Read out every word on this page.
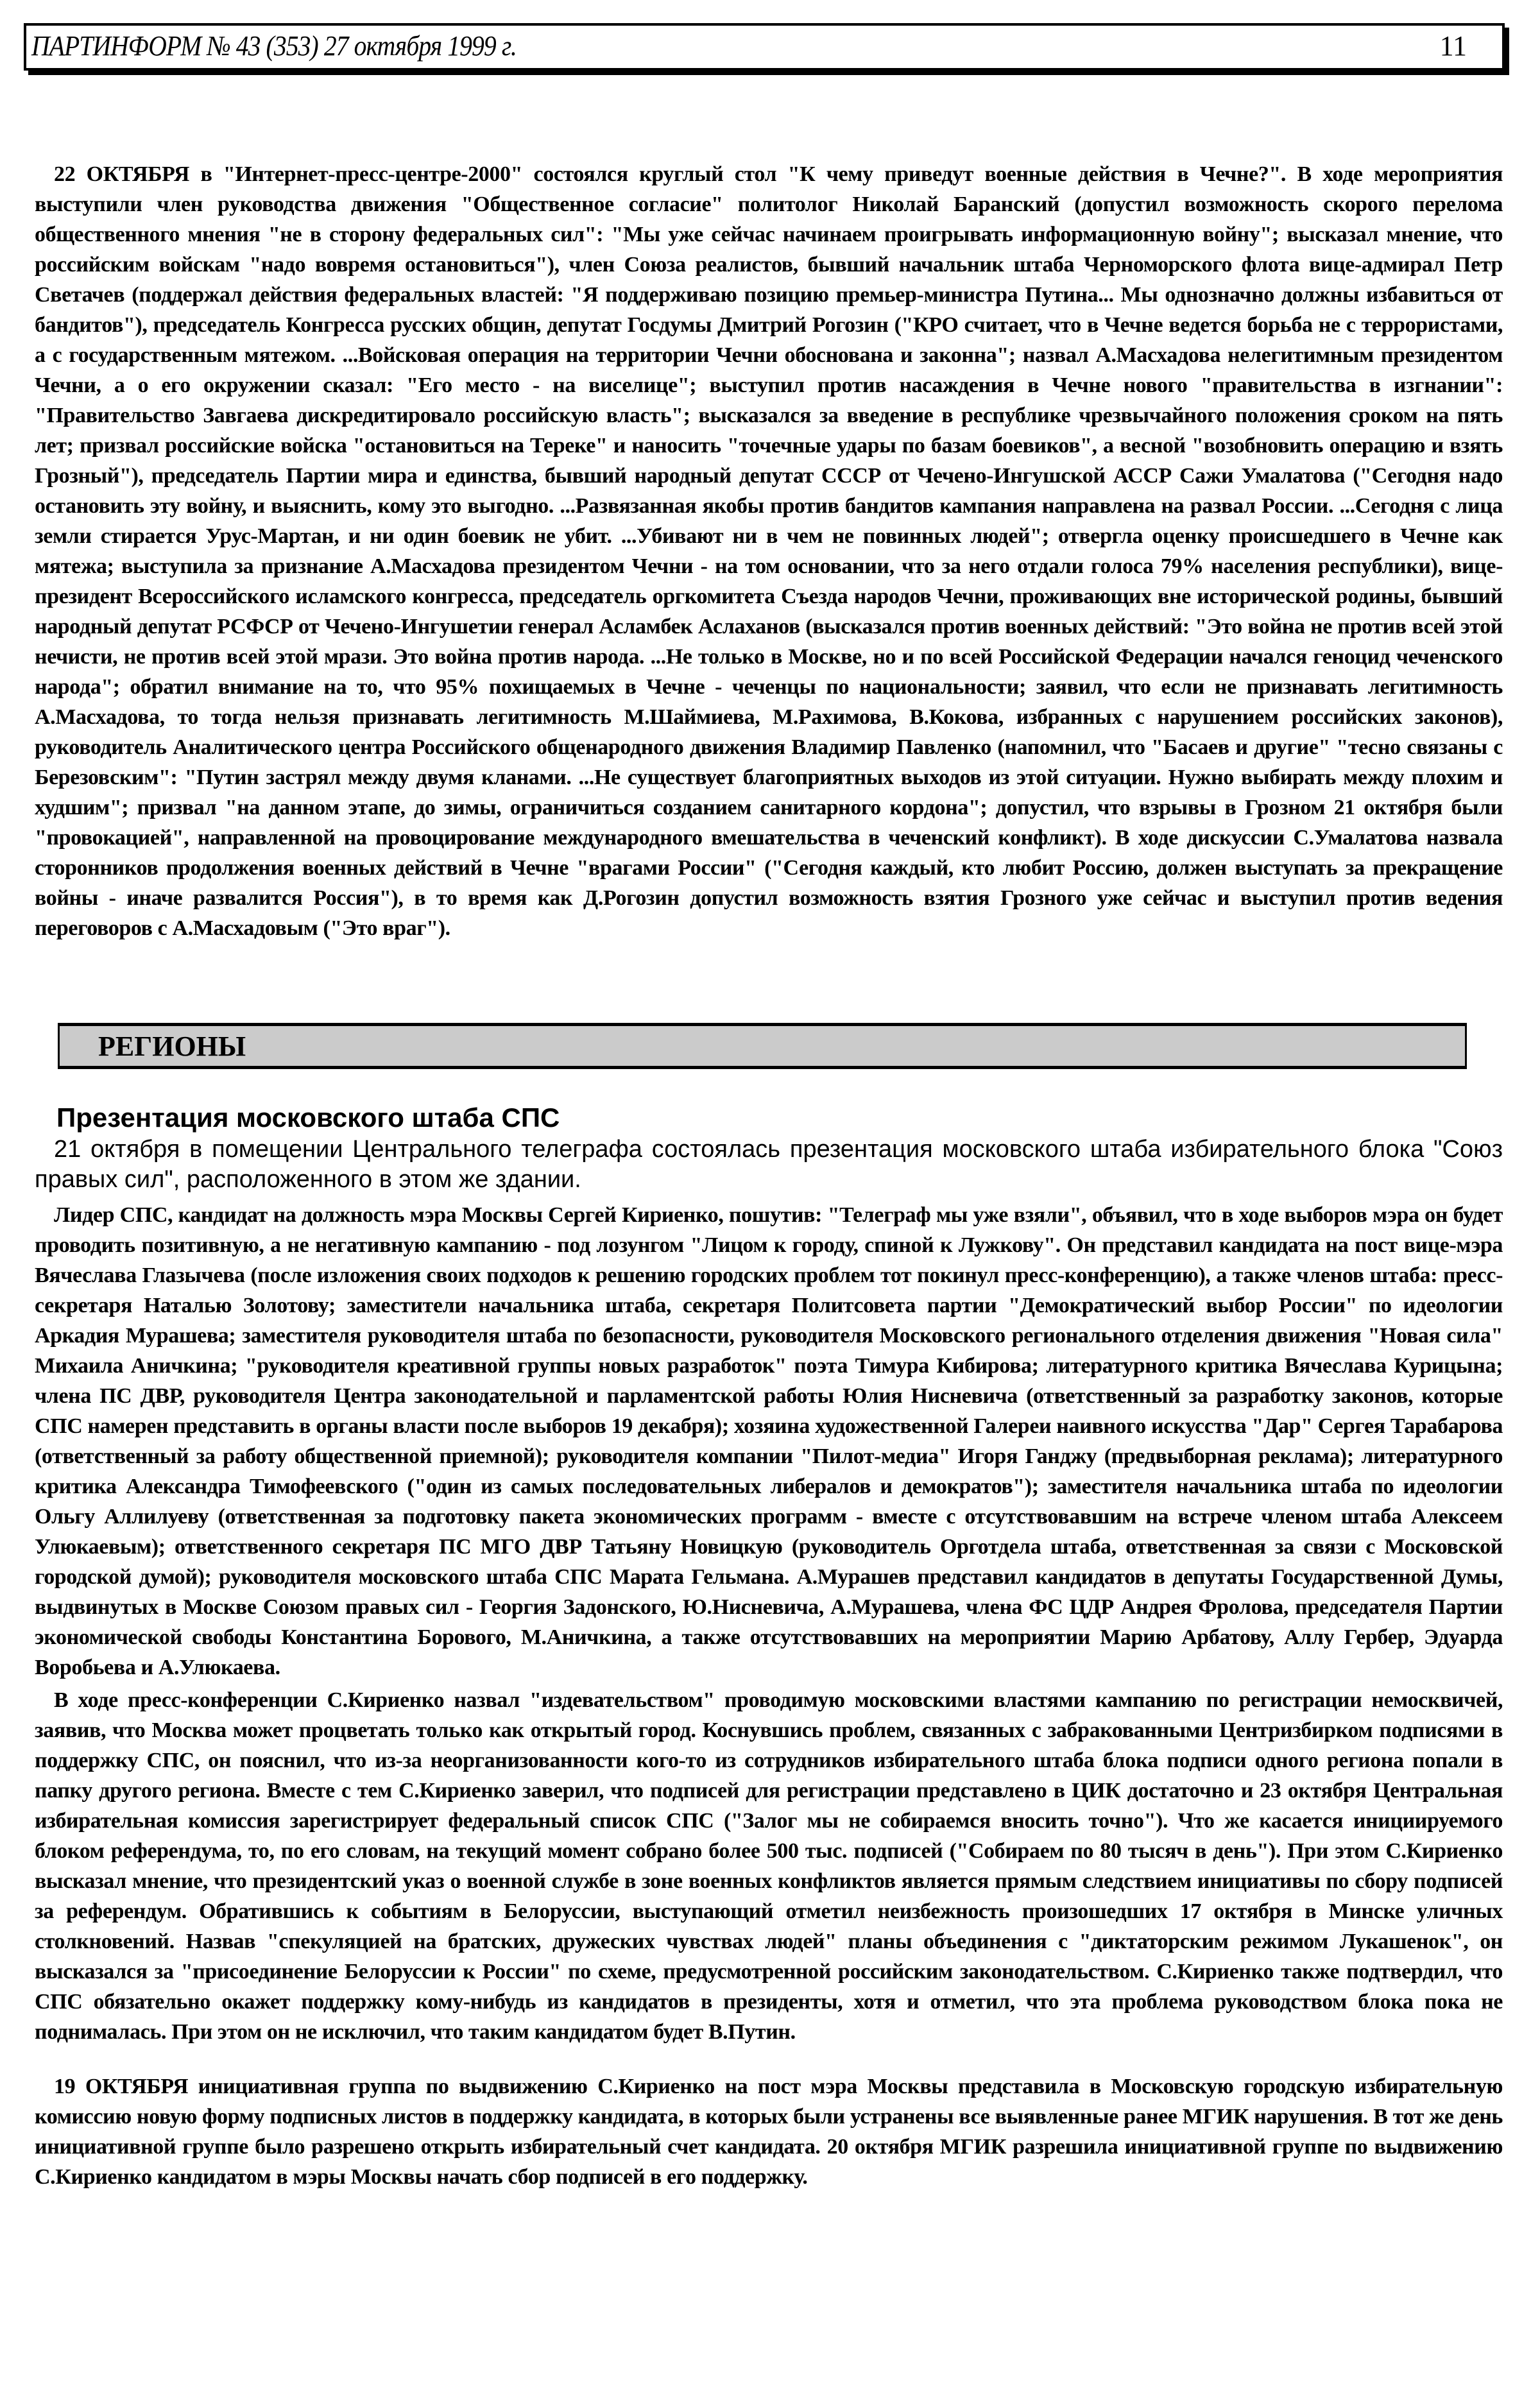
ПАРТИНФОРМ № 43 (353) 27 октября 1999 г.	11

22 ОКТЯБРЯ в "Интернет-пресс-центре-2000" состоялся круглый стол "К чему приведут военные действия в Чечне?". В ходе мероприятия выступили член руководства движения "Общественное согласие" политолог Николай Баранский (допустил возможность скорого перелома общественного мнения "не в сторону федеральных сил": "Мы уже сейчас начинаем проигрывать информационную войну"; высказал мнение, что российским войскам "надо вовремя остановиться"), член Союза реалистов, бывший начальник штаба Черноморского флота вице-адмирал Петр Светачев (поддержал действия федеральных властей: "Я поддерживаю позицию премьер-министра Путина... Мы однозначно должны избавиться от бандитов"), председатель Конгресса русских общин, депутат Госдумы Дмитрий Рогозин ("КРО считает, что в Чечне ведется борьба не с террористами, а с государственным мятежом. ...Войсковая операция на территории Чечни обоснована и законна"; назвал А.Масхадова нелегитимным президентом Чечни, а о его окружении сказал: "Его место - на виселице"; выступил против насаждения в Чечне нового "правительства в изгнании": "Правительство Завгаева дискредитировало российскую власть"; высказался за введение в республике чрезвычайного положения сроком на пять лет; призвал российские войска "остановиться на Тереке" и наносить "точечные удары по базам боевиков", а весной "возобновить операцию и взять Грозный"), председатель Партии мира и единства, бывший народный депутат СССР от Чечено-Ингушской АССР Сажи Умалатова ("Сегодня надо остановить эту войну, и выяснить, кому это выгодно. ...Развязанная якобы против бандитов кампания направлена на развал России. ...Сегодня с лица земли стирается Урус-Мартан, и ни один боевик не убит. ...Убивают ни в чем не повинных людей"; отвергла оценку происшедшего в Чечне как мятежа; выступила за признание А.Масхадова президентом Чечни - на том основании, что за него отдали голоса 79% населения республики), вице-президент Всероссийского исламского конгресса, председатель оргкомитета Съезда народов Чечни, проживающих вне исторической родины, бывший народный депутат РСФСР от Чечено-Ингушетии генерал Асламбек Аслаханов (высказался против военных действий: "Это война не против всей этой нечисти, не против всей этой мрази. Это война против народа. ...Не только в Москве, но и по всей Российской Федерации начался геноцид чеченского народа"; обратил внимание на то, что 95% похищаемых в Чечне - чеченцы по национальности; заявил, что если не признавать легитимность А.Масхадова, то тогда нельзя признавать легитимность М.Шаймиева, М.Рахимова, В.Кокова, избранных с нарушением российских законов), руководитель Аналитического центра Российского общенародного движения Владимир Павленко (напомнил, что "Басаев и другие" "тесно связаны с Березовским": "Путин застрял между двумя кланами. ...Не существует благоприятных выходов из этой ситуации. Нужно выбирать между плохим и худшим"; призвал "на данном этапе, до зимы, ограничиться созданием санитарного кордона"; допустил, что взрывы в Грозном 21 октября были "провокацией", направленной на провоцирование международного вмешательства в чеченский конфликт). В ходе дискуссии С.Умалатова назвала сторонников продолжения военных действий в Чечне "врагами России" ("Сегодня каждый, кто любит Россию, должен выступать за прекращение войны - иначе развалится Россия"), в то время как Д.Рогозин допустил возможность взятия Грозного уже сейчас и выступил против ведения переговоров с А.Масхадовым ("Это враг").

РЕГИОНЫ
Презентация московского штаба СПС
21 октября в помещении Центрального телеграфа состоялась презентация московского штаба избирательного блока "Союз правых сил", расположенного в этом же здании.

Лидер СПС, кандидат на должность мэра Москвы Сергей Кириенко, пошутив: "Телеграф мы уже взяли", объявил, что в ходе выборов мэра он будет проводить позитивную, а не негативную кампанию - под лозунгом "Лицом к городу, спиной к Лужкову". Он представил кандидата на пост вице-мэра Вячеслава Глазычева (после изложения своих подходов к решению городских проблем тот покинул пресс-конференцию), а также членов штаба: пресс-секретаря Наталью Золотову; заместители начальника штаба, секретаря Политсовета партии "Демократический выбор России" по идеологии Аркадия Мурашева; заместителя руководителя штаба по безопасности, руководителя Московского регионального отделения движения "Новая сила" Михаила Аничкина; "руководителя креативной группы новых разработок" поэта Тимура Кибирова; литературного критика Вячеслава Курицына; члена ПС ДВР, руководителя Центра законодательной и парламентской работы Юлия Нисневича (ответственный за разработку законов, которые СПС намерен представить в органы власти после выборов 19 декабря); хозяина художественной Галереи наивного искусства "Дар" Сергея Тарабарова (ответственный за работу общественной приемной); руководителя компании "Пилот-медиа" Игоря Ганджу (предвыборная реклама); литературного критика Александра Тимофеевского ("один из самых последовательных либералов и демократов"); заместителя начальника штаба по идеологии Ольгу Аллилуеву (ответственная за подготовку пакета экономических программ - вместе с отсутствовавшим на встрече членом штаба Алексеем Улюкаевым); ответственного секретаря ПС МГО ДВР Татьяну Новицкую (руководитель Орготдела штаба, ответственная за связи с Московской городской думой); руководителя московского штаба СПС Марата Гельмана. А.Мурашев представил кандидатов в депутаты Государственной Думы, выдвинутых в Москве Союзом правых сил - Георгия Задонского, Ю.Нисневича, А.Мурашева, члена ФС ЦДР Андрея Фролова, председателя Партии экономической свободы Константина Борового, М.Аничкина, а также отсутствовавших на мероприятии Марию Арбатову, Аллу Гербер, Эдуарда Воробьева и А.Улюкаева.

В ходе пресс-конференции С.Кириенко назвал "издевательством" проводимую московскими властями кампанию по регистрации немосквичей, заявив, что Москва может процветать только как открытый город. Коснувшись проблем, связанных с забракованными Центризбирком подписями в поддержку СПС, он пояснил, что из-за неорганизованности кого-то из сотрудников избирательного штаба блока подписи одного региона попали в папку другого региона. Вместе с тем С.Кириенко заверил, что подписей для регистрации представлено в ЦИК достаточно и 23 октября Центральная избирательная комиссия зарегистрирует федеральный список СПС ("Залог мы не собираемся вносить точно"). Что же касается инициируемого блоком референдума, то, по его словам, на текущий момент собрано более 500 тыс. подписей ("Собираем по 80 тысяч в день"). При этом С.Кириенко высказал мнение, что президентский указ о военной службе в зоне военных конфликтов является прямым следствием инициативы по сбору подписей за референдум. Обратившись к событиям в Белоруссии, выступающий отметил неизбежность произошедших 17 октября в Минске уличных столкновений. Назвав "спекуляцией на братских, дружеских чувствах людей" планы объединения с "диктаторским режимом Лукашенок", он высказался за "присоединение Белоруссии к России" по схеме, предусмотренной российским законодательством. С.Кириенко также подтвердил, что СПС обязательно окажет поддержку кому-нибудь из кандидатов в президенты, хотя и отметил, что эта проблема руководством блока пока не поднималась. При этом он не исключил, что таким кандидатом будет В.Путин.

19 ОКТЯБРЯ инициативная группа по выдвижению С.Кириенко на пост мэра Москвы представила в Московскую городскую избирательную комиссию новую форму подписных листов в поддержку кандидата, в которых были устранены все выявленные ранее МГИК нарушения. В тот же день инициативной группе было разрешено открыть избирательный счет кандидата. 20 октября МГИК разрешила инициативной группе по выдвижению С.Кириенко кандидатом в мэры Москвы начать сбор подписей в его поддержку.
